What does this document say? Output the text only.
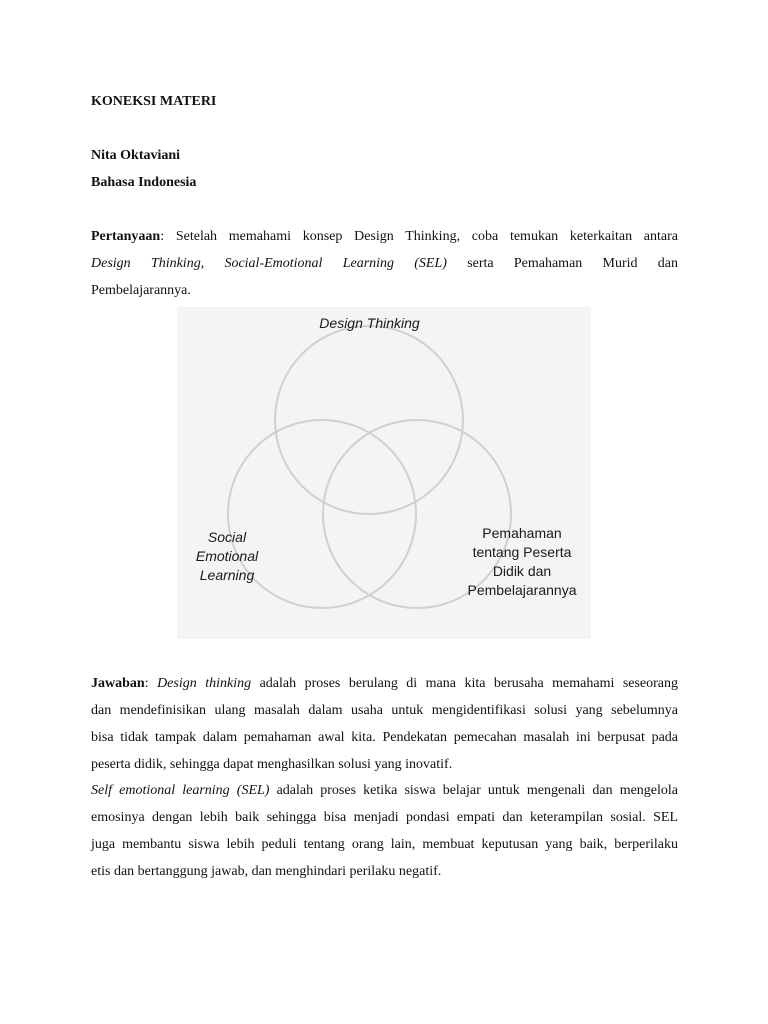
KONEKSI MATERI
Nita Oktaviani
Bahasa Indonesia
Pertanyaan: Setelah memahami konsep Design Thinking, coba temukan keterkaitan antara
Design Thinking, Social-Emotional Learning (SEL) serta Pemahaman Murid dan
Pembelajarannya.
Design Thinking
Social
Emotional
Learning
Pemahaman
tentang Peserta
Didik dan
Pembelajarannya
Jawaban: Design thinking adalah proses berulang di mana kita berusaha memahami seseorang
dan mendefinisikan ulang masalah dalam usaha untuk mengidentifikasi solusi yang sebelumnya
bisa tidak tampak dalam pemahaman awal kita. Pendekatan pemecahan masalah ini berpusat pada
peserta didik, sehingga dapat menghasilkan solusi yang inovatif.
Self emotional learning (SEL) adalah proses ketika siswa belajar untuk mengenali dan mengelola
emosinya dengan lebih baik sehingga bisa menjadi pondasi empati dan keterampilan sosial. SEL
juga membantu siswa lebih peduli tentang orang lain, membuat keputusan yang baik, berperilaku
etis dan bertanggung jawab, dan menghindari perilaku negatif.
